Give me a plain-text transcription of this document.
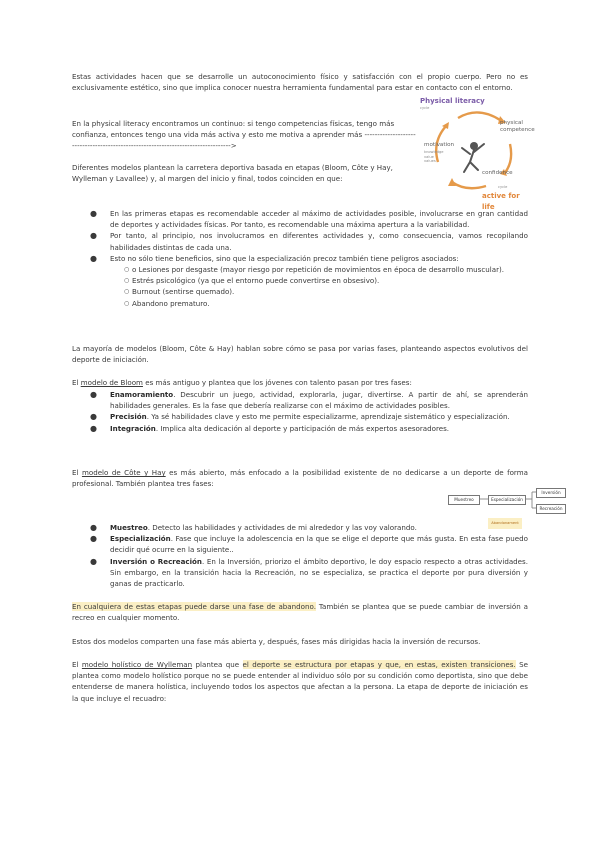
Estas actividades hacen que se desarrolle un autoconocimiento físico y satisfacción con el propio cuerpo. Pero no es exclusivamente estético, sino que implica conocer nuestra herramienta fundamental para estar en contacto con el entorno.

En la physical literacy encontramos un continuo: si tengo competencias físicas, tengo más confianza, entonces tengo una vida más activa y esto me motiva a aprender más ---------------------------------------------------------------------------------->

Diferentes modelos plantean la carretera deportiva basada en etapas (Bloom, Côte y Hay, Wylleman y Lavallee) y, al margen del inicio y final, todos coinciden en que:

Physical literacy
cycle
motivation
knowledge
value
values
physical
competence
confidence
cycle
active for life
● En las primeras etapas es recomendable acceder al máximo de actividades posible, involucrarse en gran cantidad de deportes y actividades físicas. Por tanto, es recomendable una máxima apertura a la variabilidad.
● Por tanto, al principio, nos involucramos en diferentes actividades y, como consecuencia, vamos recopilando habilidades distintas de cada una.
● Esto no sólo tiene beneficios, sino que la especialización precoz también tiene peligros asociados:
○ o Lesiones por desgaste (mayor riesgo por repetición de movimientos en época de desarrollo muscular).
○ Estrés psicológico (ya que el entorno puede convertirse en obsesivo).
○ Burnout (sentirse quemado).
○ Abandono prematuro.

La mayoría de modelos (Bloom, Côte & Hay) hablan sobre cómo se pasa por varias fases, planteando aspectos evolutivos del deporte de iniciación.

El modelo de Bloom es más antiguo y plantea que los jóvenes con talento pasan por tres fases:

● Enamoramiento. Descubrir un juego, actividad, explorarla, jugar, divertirse. A partir de ahí, se aprenderán habilidades generales. Es la fase que debería realizarse con el máximo de actividades posibles.
● Precisión. Ya sé habilidades clave y esto me permite especializarme, aprendizaje sistemático y especialización.
● Integración. Implica alta dedicación al deporte y participación de más expertos asesoradores.

El modelo de Côte y Hay es más abierto, más enfocado a la posibilidad existente de no dedicarse a un deporte de forma profesional. También plantea tres fases:

Muestreo	Especialización
Inversión
Recreación
Abandonament
● Muestreo. Detecto las habilidades y actividades de mi alrededor y las voy valorando.
● Especialización. Fase que incluye la adolescencia en la que se elige el deporte que más gusta. En esta fase puedo decidir qué ocurre en la siguiente..
● Inversión o Recreación. En la Inversión, priorizo el ámbito deportivo, le doy espacio respecto a otras actividades. Sin embargo, en la transición hacia la Recreación, no se especializa, se practica el deporte por pura diversión y ganas de practicarlo.

En cualquiera de estas etapas puede darse una fase de abandono. También se plantea que se puede cambiar de inversión a recreo en cualquier momento.

Estos dos modelos comparten una fase más abierta y, después, fases más dirigidas hacia la inversión de recursos.

El modelo holístico de Wylleman plantea que el deporte se estructura por etapas y que, en estas, existen transiciones. Se plantea como modelo holístico porque no se puede entender al individuo sólo por su condición como deportista, sino que debe entenderse de manera holística, incluyendo todos los aspectos que afectan a la persona. La etapa de deporte de iniciación es la que incluye el recuadro:
